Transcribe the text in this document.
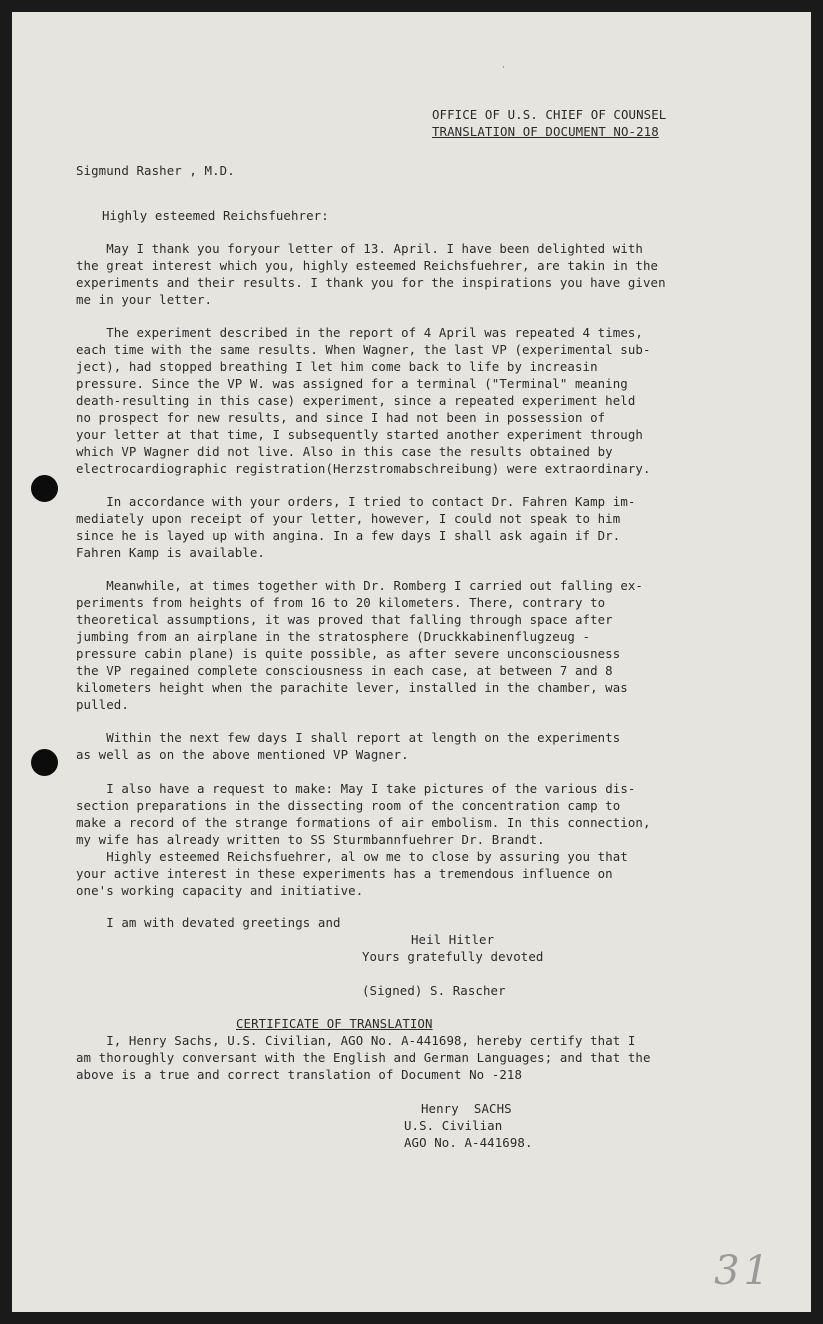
·
OFFICE OF U.S. CHIEF OF COUNSEL
TRANSLATION OF DOCUMENT NO-218
Sigmund Rasher , M.D.
Highly esteemed Reichsfuehrer:
May I thank you foryour letter of 13. April. I have been delighted with
the great interest which you, highly esteemed Reichsfuehrer, are takin in the
experiments and their results. I thank you for the inspirations you have given
me in your letter.
The experiment described in the report of 4 April was repeated 4 times,
each time with the same results. When Wagner, the last VP (experimental sub-
ject), had stopped breathing I let him come back to life by increasin
pressure. Since the VP W. was assigned for a terminal ("Terminal" meaning
death-resulting in this case) experiment, since a repeated experiment held
no prospect for new results, and since I had not been in possession of
your letter at that time, I subsequently started another experiment through
which VP Wagner did not live. Also in this case the results obtained by
electrocardiographic registration(Herzstromabschreibung) were extraordinary.
In accordance with your orders, I tried to contact Dr. Fahren Kamp im-
mediately upon receipt of your letter, however, I could not speak to him
since he is layed up with angina. In a few days I shall ask again if Dr.
Fahren Kamp is available.
Meanwhile, at times together with Dr. Romberg I carried out falling ex-
periments from heights of from 16 to 20 kilometers. There, contrary to
theoretical assumptions, it was proved that falling through space after
jumbing from an airplane in the stratosphere (Druckkabinenflugzeug -
pressure cabin plane) is quite possible, as after severe unconsciousness
the VP regained complete consciousness in each case, at between 7 and 8
kilometers height when the parachite lever, installed in the chamber, was
pulled.
Within the next few days I shall report at length on the experiments
as well as on the above mentioned VP Wagner.
I also have a request to make: May I take pictures of the various dis-
section preparations in the dissecting room of the concentration camp to
make a record of the strange formations of air embolism. In this connection,
my wife has already written to SS Sturmbannfuehrer Dr. Brandt.
Highly esteemed Reichsfuehrer, al ow me to close by assuring you that
your active interest in these experiments has a tremendous influence on
one's working capacity and initiative.
I am with devated greetings and
Heil Hitler
Yours gratefully devoted
(Signed) S. Rascher
CERTIFICATE OF TRANSLATION
I, Henry Sachs, U.S. Civilian, AGO No. A-441698, hereby certify that I
am thoroughly conversant with the English and German Languages; and that the
above is a true and correct translation of Document No -218
Henry  SACHS
U.S. Civilian
AGO No. A-441698.
31
